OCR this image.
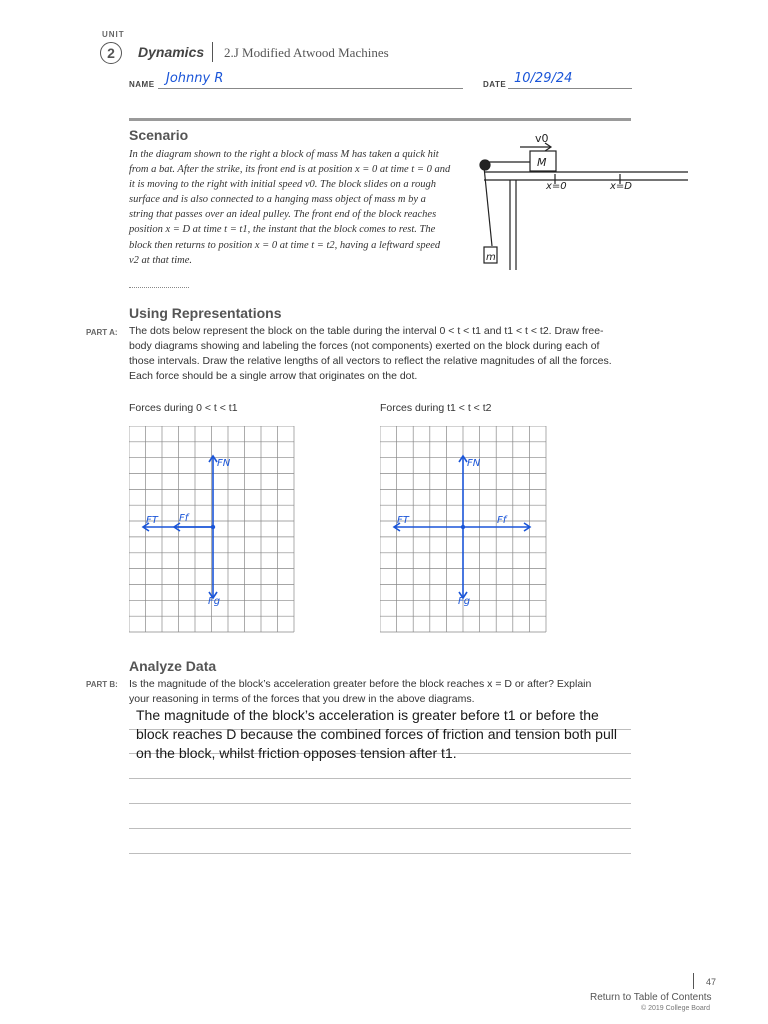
UNIT
2	Dynamics 2.J Modified Atwood Machines
NAME Johnny R	DATE 10/29/24
Scenario
In the diagram shown to the right a block of mass M has taken a quick hit from a bat. After the strike, its front end is at position x = 0 at time t = 0 and it is moving to the right with initial speed v0. The block slides on a rough surface and is also connected to a hanging mass object of mass m by a string that passes over an ideal pulley. The front end of the block reaches position x = D at time t = t1, the instant that the block comes to rest. The block then returns to position x = 0 at time t = t2, having a leftward speed v2 at that time.
v0
M
m
x=0	x=D
Using Representations
PART A: The dots below represent the block on the table during the interval 0 < t < t1 and t1 < t < t2. Draw free-body diagrams showing and labeling the forces (not components) exerted on the block during each of those intervals. Draw the relative lengths of all vectors to reflect the relative magnitudes of all the forces. Each force should be a single arrow that originates on the dot.
Forces during 0 < t < t1	Forces during t1 < t < t2
FN
Fg
FT Ff
FN
Fg
FT	Ff
Analyze Data
PART B: Is the magnitude of the block’s acceleration greater before the block reaches x = D or after? Explain your reasoning in terms of the forces that you drew in the above diagrams.
The magnitude of the block’s acceleration is greater before t1 or before the block reaches D because the combined forces of friction and tension both pull on the block, whilst friction opposes tension after t1.
47
Return to Table of Contents
© 2019 College Board
